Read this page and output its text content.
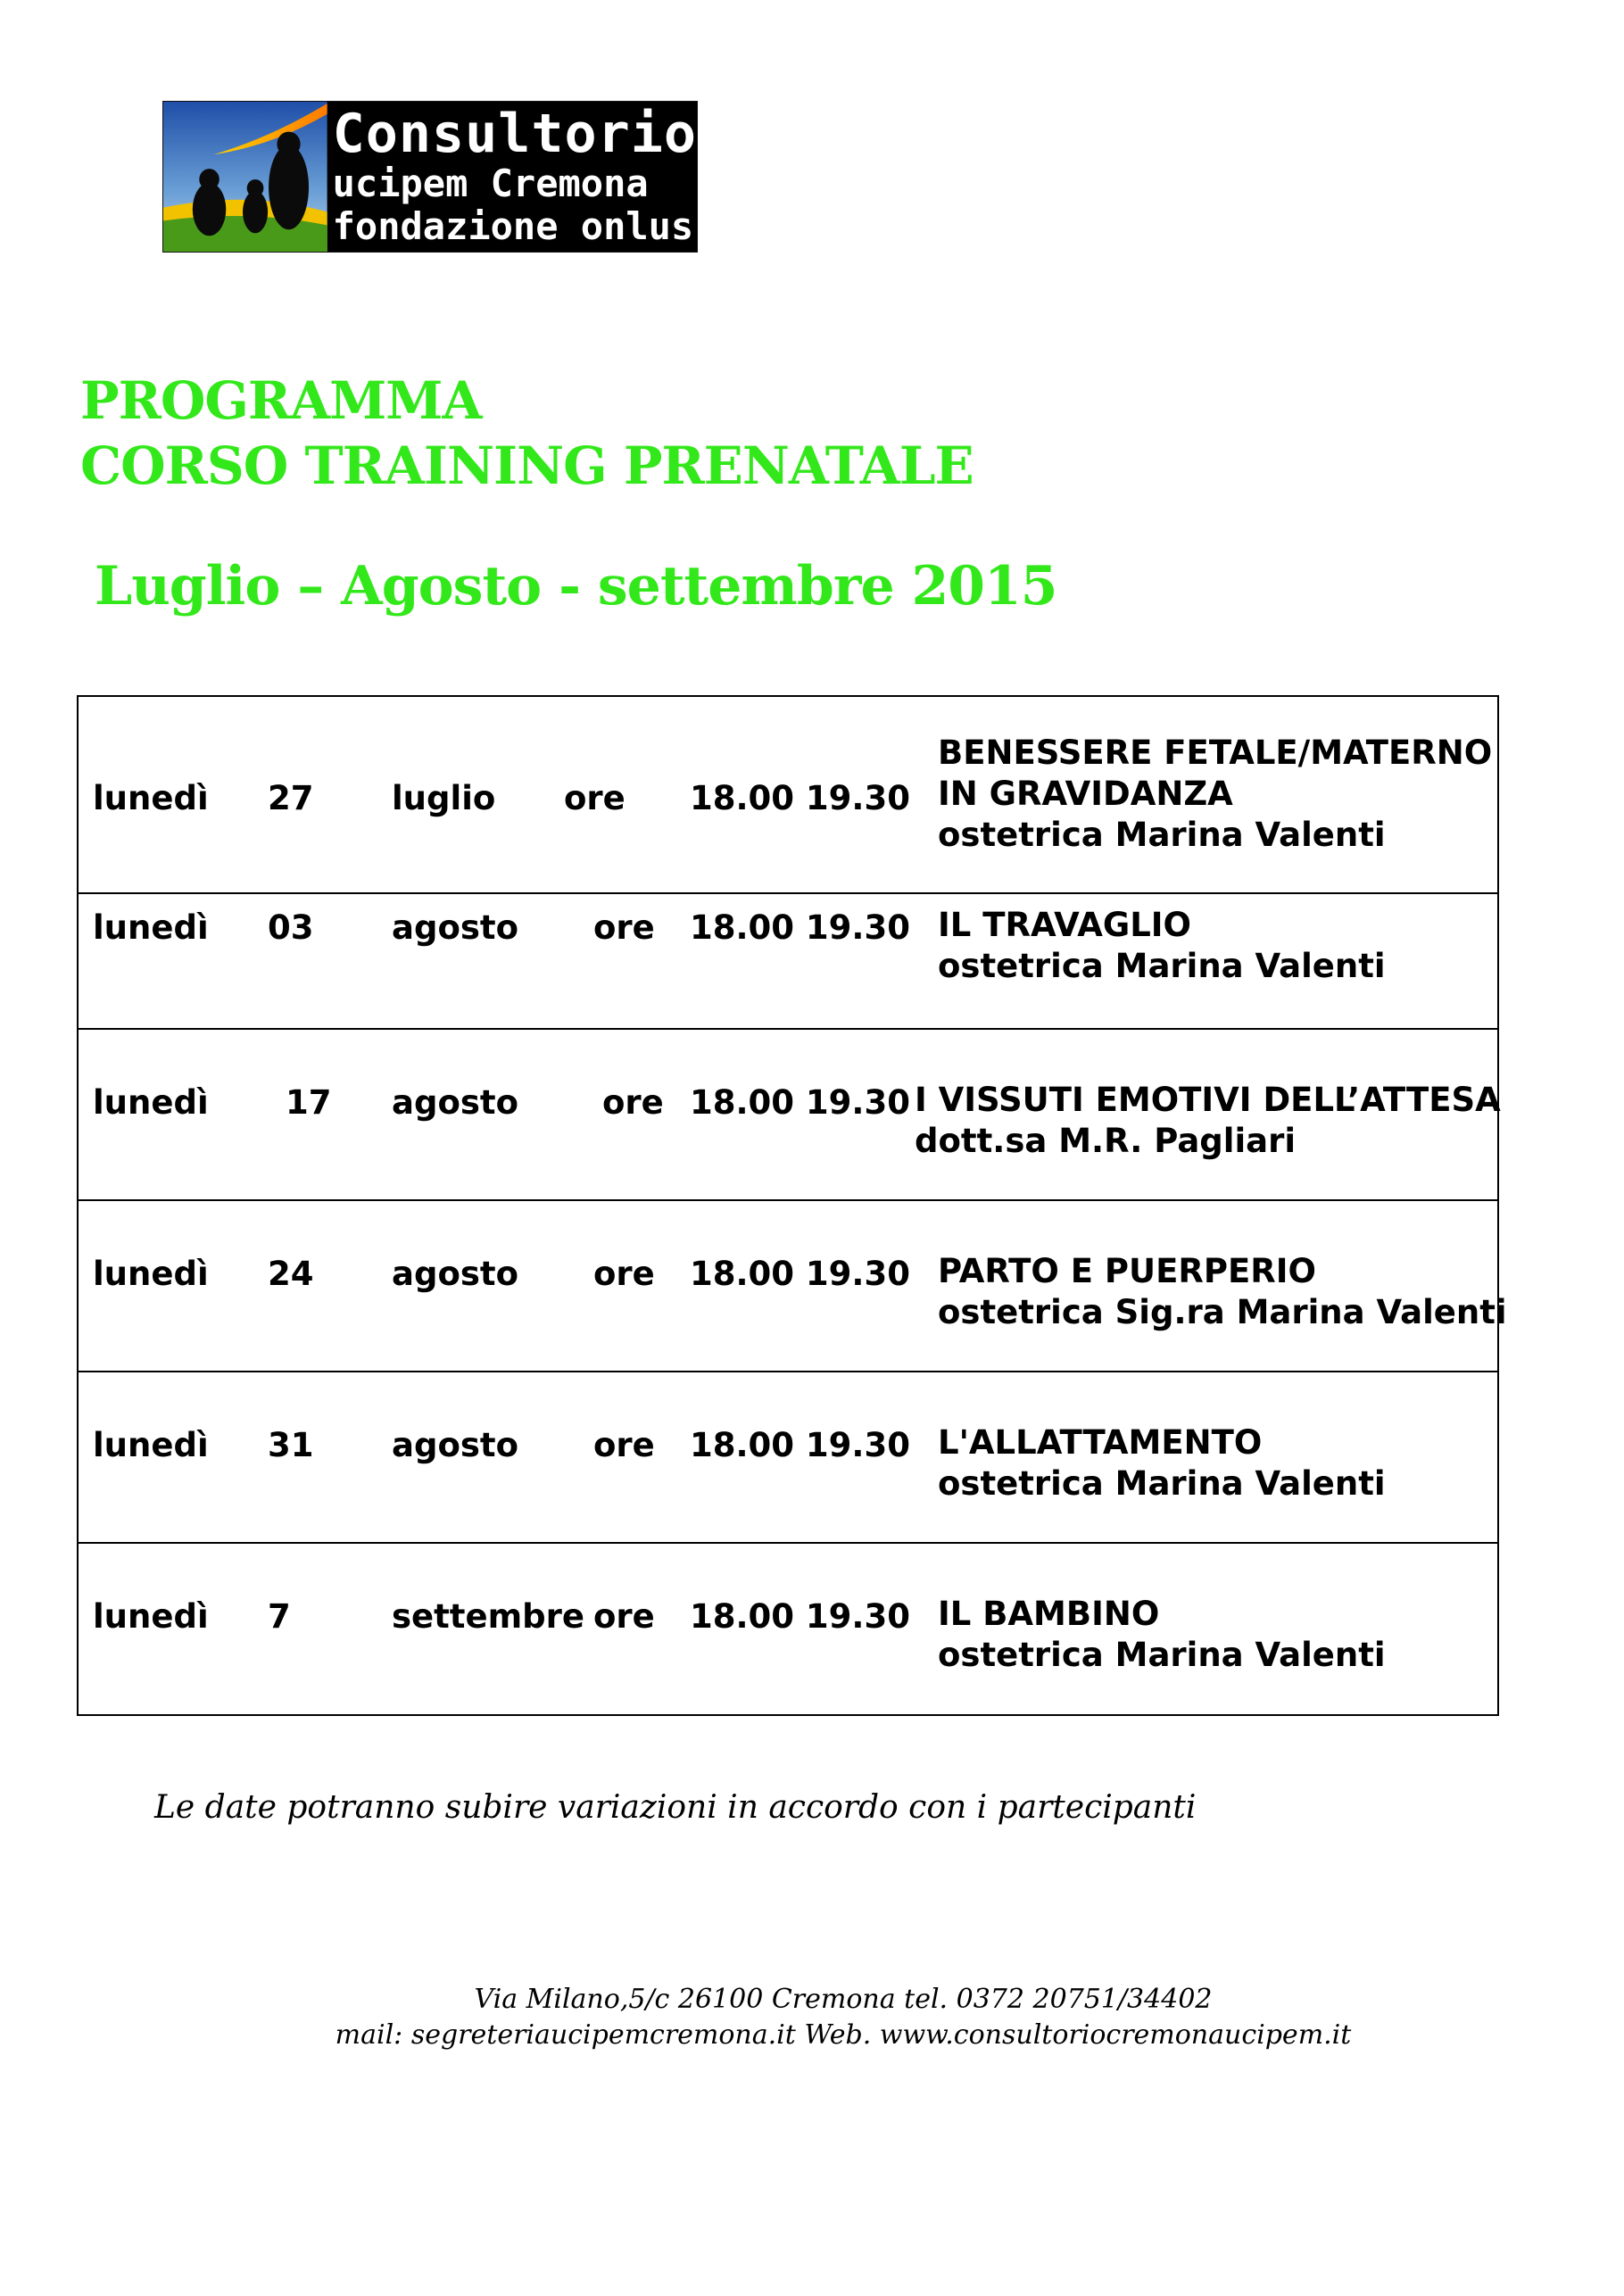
Consultorio
ucipem Cremona
fondazione onlus
PROGRAMMA
CORSO TRAINING PRENATALE
Luglio – Agosto - settembre 2015
lunedì 27 luglio ore 18.00 19.30
BENESSERE FETALE/MATERNO
IN GRAVIDANZA
ostetrica Marina Valenti
lunedì 03 agosto ore 18.00 19.30 IL TRAVAGLIO
ostetrica Marina Valenti
lunedì 17 agosto	ore 18.00 19.30 I VISSUTI EMOTIVI DELL’ATTESA
dott.sa M.R. Pagliari
lunedì 24 agosto ore 18.00 19.30 PARTO E PUERPERIO
ostetrica Sig.ra Marina Valenti
lunedì 31 agosto ore 18.00 19.30 L'ALLATTAMENTO
ostetrica Marina Valenti
lunedì 7	settembre ore 18.00 19.30 IL BAMBINO
ostetrica Marina Valenti
Le date potranno subire variazioni in accordo con i partecipanti
Via Milano,5/c 26100 Cremona tel. 0372 20751/34402
mail: segreteriaucipemcremona.it Web. www.consultoriocremonaucipem.it
